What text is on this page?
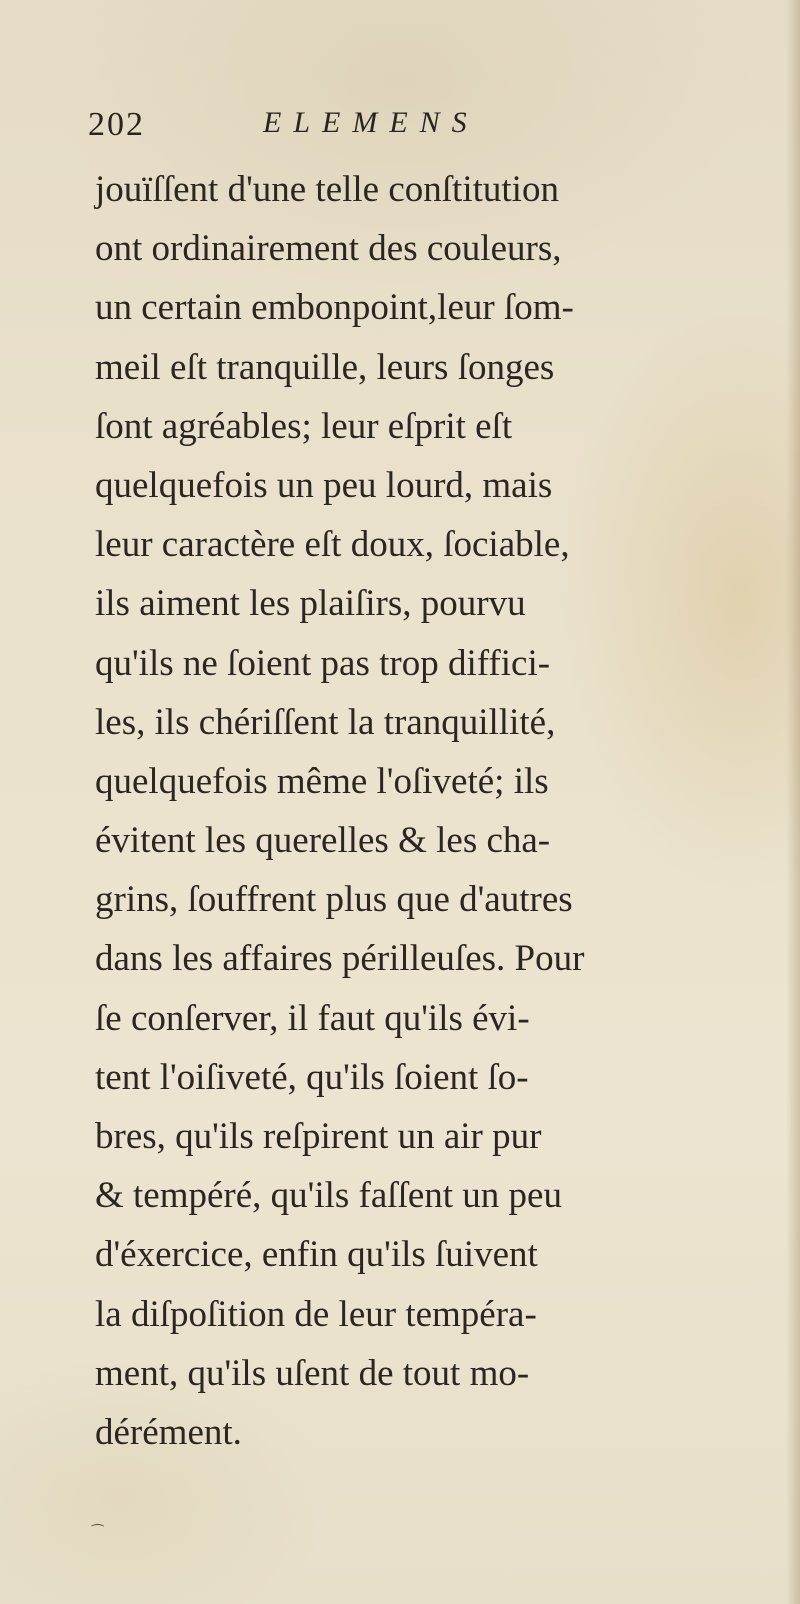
202	ELEMENS
jouïſſent d'une telle conſtitution
ont ordinairement des couleurs,
un certain embonpoint,leur ſom-
meil eſt tranquille, leurs ſonges
ſont agréables; leur eſprit eſt
quelquefois un peu lourd, mais
leur caractère eſt doux, ſociable,
ils aiment les plaiſirs, pourvu
qu'ils ne ſoient pas trop diffici-
les, ils chériſſent la tranquillité,
quelquefois même l'oſiveté; ils
évitent les querelles & les cha-
grins, ſouffrent plus que d'autres
dans les affaires périlleuſes. Pour
ſe conſerver, il faut qu'ils évi-
tent l'oiſiveté, qu'ils ſoient ſo-
bres, qu'ils reſpirent un air pur
& tempéré, qu'ils faſſent un peu
d'éxercice, enfin qu'ils ſuivent
la diſpoſition de leur tempéra-
ment, qu'ils uſent de tout mo-
dérément.
⁀
